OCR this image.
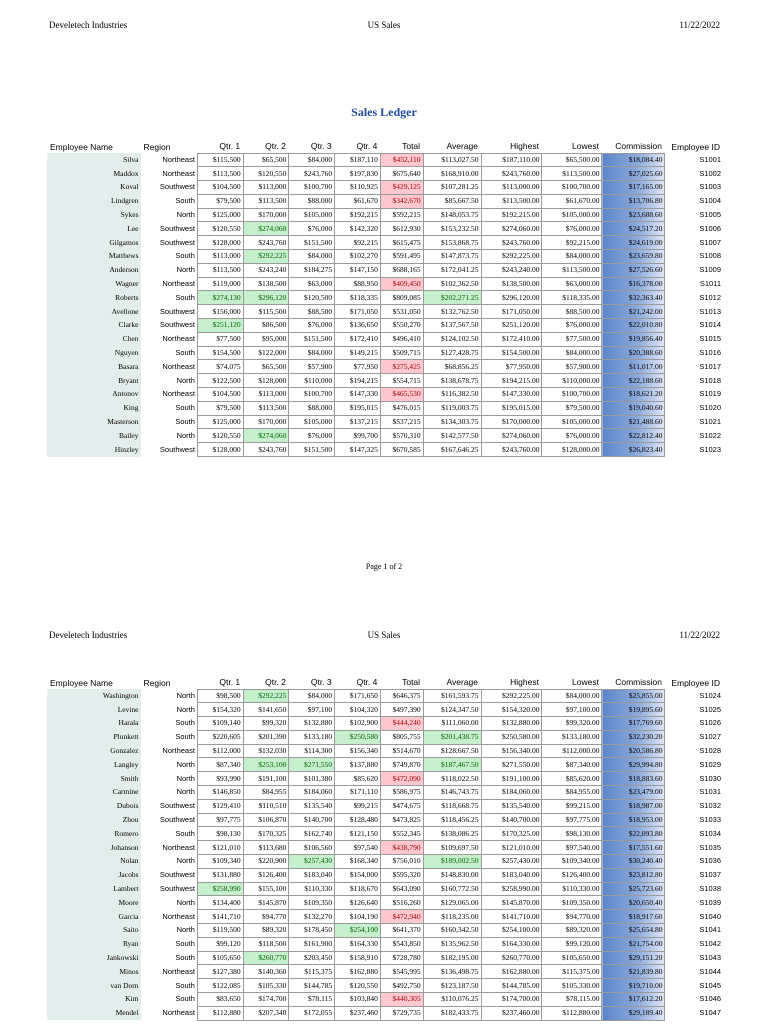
Develetech Industries	US Sales	11/22/2022
Sales Ledger
Employee Name	Region	Qtr. 1	Qtr. 2	Qtr. 3	Qtr. 4	Total	Average	Highest	Lowest	Commission	Employee ID
Silva	Northeast	$115,500	$65,500	$84,000	$187,110	$452,110	$113,027.50	$187,110.00	$65,500.00	$18,084.40	S1001
Maddox	Northeast	$113,500	$120,550	$243,760	$197,830	$675,640	$168,910.00	$243,760.00	$113,500.00	$27,025.60	S1002
Koval	Southwest	$104,500	$113,000	$100,700	$110,925	$429,125	$107,281.25	$113,000.00	$100,700.00	$17,165.00	S1003
Lindgren	South	$79,500	$113,500	$88,000	$61,670	$342,670	$85,667.50	$113,500.00	$61,670.00	$13,706.80	S1004
Sykes	North	$125,000	$170,000	$105,000	$192,215	$592,215	$148,053.75	$192,215.00	$105,000.00	$23,688.60	S1005
Lee	Southwest	$120,550	$274,060	$76,000	$142,320	$612,930	$153,232.50	$274,060.00	$76,000.00	$24,517.20	S1006
Gilgamos	Southwest	$128,000	$243,760	$151,500	$92,215	$615,475	$153,868.75	$243,760.00	$92,215.00	$24,619.00	S1007
Matthews	South	$113,000	$292,225	$84,000	$102,270	$591,495	$147,873.75	$292,225.00	$84,000.00	$23,659.80	S1008
Anderson	North	$113,500	$243,240	$184,275	$147,150	$688,165	$172,041.25	$243,240.00	$113,500.00	$27,526.60	S1009
Wagner	Northeast	$119,000	$138,500	$63,000	$88,950	$409,450	$102,362.50	$138,500.00	$63,000.00	$16,378.00	S1011
Roberts	South	$274,130	$296,120	$120,500	$118,335	$809,085	$202,271.25	$296,120.00	$118,335.00	$32,363.40	S1012
Avellone	Southwest	$156,000	$115,500	$88,500	$171,050	$531,050	$132,762.50	$171,050.00	$88,500.00	$21,242.00	S1013
Clarke	Southwest	$251,120	$86,500	$76,000	$136,650	$550,270	$137,567.50	$251,120.00	$76,000.00	$22,010.80	S1014
Chen	Northeast	$77,500	$95,000	$151,500	$172,410	$496,410	$124,102.50	$172,410.00	$77,500.00	$19,856.40	S1015
Nguyen	South	$154,500	$122,000	$84,000	$149,215	$509,715	$127,428.75	$154,500.00	$84,000.00	$20,388.60	S1016
Basara	Northeast	$74,075	$65,500	$57,900	$77,950	$275,425	$68,856.25	$77,950.00	$57,900.00	$11,017.00	S1017
Bryant	North	$122,500	$128,000	$110,000	$194,215	$554,715	$138,678.75	$194,215.00	$110,000.00	$22,188.60	S1018
Antonov	Northeast	$104,500	$113,000	$100,700	$147,330	$465,530	$116,382.50	$147,330.00	$100,700.00	$18,621.20	S1019
King	South	$79,500	$113,500	$88,000	$195,015	$476,015	$119,003.75	$195,015.00	$79,500.00	$19,040.60	S1020
Masterson	South	$125,000	$170,000	$105,000	$137,215	$537,215	$134,303.75	$170,000.00	$105,000.00	$21,488.60	S1021
Bailey	North	$120,550	$274,060	$76,000	$99,700	$570,310	$142,577.50	$274,060.00	$76,000.00	$22,812.40	S1022
Hinzley	Southwest	$128,000	$243,760	$151,500	$147,325	$670,585	$167,646.25	$243,760.00	$128,000.00	$26,823.40	S1023
Page 1 of 2
Develetech Industries	US Sales	11/22/2022
Employee Name	Region	Qtr. 1	Qtr. 2	Qtr. 3	Qtr. 4	Total	Average	Highest	Lowest	Commission	Employee ID
Washington	North	$98,500	$292,225	$84,000	$171,650	$646,375	$161,593.75	$292,225.00	$84,000.00	$25,855.00	S1024
Levine	North	$154,320	$141,650	$97,100	$104,320	$497,390	$124,347.50	$154,320.00	$97,100.00	$19,895.60	S1025
Harala	South	$109,140	$99,320	$132,880	$102,900	$444,240	$111,060.00	$132,880.00	$99,320.00	$17,769.60	S1026
Plunkett	South	$220,605	$201,390	$133,180	$250,580	$805,755	$201,438.75	$250,580.00	$133,180.00	$32,230.20	S1027
Gonzalez	Northeast	$112,000	$132,030	$114,300	$156,340	$514,670	$128,667.50	$156,340.00	$112,000.00	$20,586.80	S1028
Langley	North	$87,340	$253,100	$271,550	$137,880	$749,870	$187,467.50	$271,550.00	$87,340.00	$29,994.80	S1029
Smith	North	$93,990	$191,100	$101,380	$85,620	$472,090	$118,022.50	$191,100.00	$85,620.00	$18,883.60	S1030
Carmine	North	$146,850	$84,955	$184,060	$171,110	$586,975	$146,743.75	$184,060.00	$84,955.00	$23,479.00	S1031
Dubois	Southwest	$129,410	$110,510	$135,540	$99,215	$474,675	$118,668.75	$135,540.00	$99,215.00	$18,987.00	S1032
Zhou	Southwest	$97,775	$106,870	$140,700	$128,480	$473,825	$118,456.25	$140,700.00	$97,775.00	$18,953.00	S1033
Romero	South	$98,130	$170,325	$162,740	$121,150	$552,345	$138,086.25	$170,325.00	$98,130.00	$22,093.80	S1034
Johanson	Northeast	$121,010	$113,680	$106,560	$97,540	$438,790	$109,697.50	$121,010.00	$97,540.00	$17,551.60	S1035
Nolan	North	$109,340	$220,900	$257,430	$168,340	$756,010	$189,002.50	$257,430.00	$109,340.00	$30,240.40	S1036
Jacobs	Southwest	$131,880	$126,400	$183,040	$154,000	$595,320	$148,830.00	$183,040.00	$126,400.00	$23,812.80	S1037
Lambert	Southwest	$258,990	$155,100	$110,330	$118,670	$643,090	$160,772.50	$258,990.00	$110,330.00	$25,723.60	S1038
Moore	North	$134,400	$145,870	$109,350	$126,640	$516,260	$129,065.00	$145,870.00	$109,350.00	$20,650.40	S1039
Garcia	Northeast	$141,710	$94,770	$132,270	$104,190	$472,940	$118,235.00	$141,710.00	$94,770.00	$18,917.60	S1040
Saito	North	$119,500	$89,320	$178,450	$254,100	$641,370	$160,342.50	$254,100.00	$89,320.00	$25,654.80	S1041
Ryan	South	$99,120	$118,500	$161,900	$164,330	$543,850	$135,962.50	$164,330.00	$99,120.00	$21,754.00	S1042
Jankowski	South	$105,650	$260,770	$203,450	$158,910	$728,780	$182,195.00	$260,770.00	$105,650.00	$29,151.20	S1043
Minos	Northeast	$127,380	$140,360	$115,375	$162,880	$545,995	$136,498.75	$162,880.00	$115,375.00	$21,839.80	S1044
van Dorn	South	$122,085	$105,330	$144,785	$120,550	$492,750	$123,187.50	$144,785.00	$105,330.00	$19,710.00	S1045
Kim	South	$83,650	$174,700	$78,115	$103,840	$440,305	$110,076.25	$174,700.00	$78,115.00	$17,612.20	S1046
Mendel	Northeast	$112,880	$207,340	$172,055	$237,460	$729,735	$182,433.75	$237,460.00	$112,880.00	$29,189.40	S1047
